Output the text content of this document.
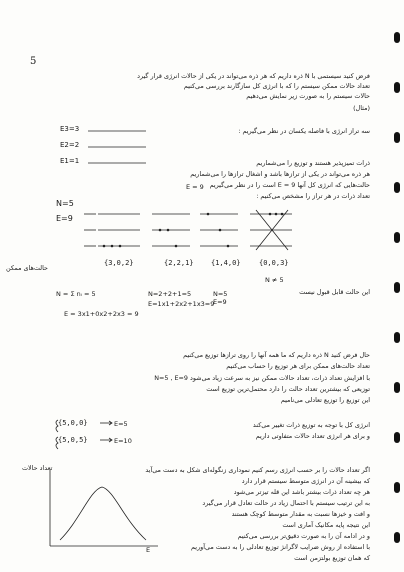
5
فرض کنید سیستمی با N ذره داریم که هر ذره می‌تواند در یکی از حالات انرژی قرار گیرد
تعداد حالات ممکن سیستم را که با انرژی کل سازگارند بررسی می‌کنیم
حالات سیستم را به صورت زیر نمایش می‌دهیم
(مثال)
E3=3
E2=2
E1=1
سه تراز انرژی با فاصله یکسان در نظر می‌گیریم :
ذرات تمیزپذیر هستند و توزیع را می‌شماریم
هر ذره می‌تواند در یکی از ترازها باشد و اشغال ترازها را می‌شماریم
حالت‌هایی که انرژی کل آنها E = 9 است را در نظر می‌گیریم
تعداد ذرات در هر تراز را مشخص می‌کنیم :
N=5
E=9
E = 9
{3,0,2}	{2,2,1} {1,4,0}	{0,0,3}
حالت‌های ممکن
N = Σ nᵢ = 5	N=2+2+1=5
E=1x1+2x2+1x3=9
N=5
E=9
N ≠ 5
این حالت قابل قبول نیست
E = 3x1+0x2+2x3 = 9
حال فرض کنید N ذره داریم که ما همه آنها را روی ترازها توزیع می‌کنیم
تعداد حالت‌های ممکن برای هر توزیع را حساب می‌کنیم
با افزایش تعداد ذرات، تعداد حالات ممکن نیز به سرعت زیاد می‌شود N=5 , E=9
توزیعی که بیشترین تعداد حالت را دارد محتمل‌ترین توزیع است
این توزیع را توزیع تعادلی می‌نامیم
{5,0,0}	E=5
{5,0,5}	E=10
انرژی کل با توجه به توزیع ذرات تغییر می‌کند
و برای هر انرژی تعداد حالات متفاوتی داریم
تعداد حالات
E
اگر تعداد حالات را بر حسب انرژی رسم کنیم نموداری زنگوله‌ای شکل به دست می‌آید
که بیشینه آن در انرژی متوسط سیستم قرار دارد
هر چه تعداد ذرات بیشتر باشد این قله تیزتر می‌شود
به این ترتیب سیستم با احتمال زیاد در حالت تعادل قرار می‌گیرد
و افت و خیزها نسبت به مقدار متوسط کوچک هستند
این نتیجه پایه مکانیک آماری است
و در ادامه آن را به صورت دقیق‌تر بررسی می‌کنیم
با استفاده از روش ضرایب لاگرانژ توزیع تعادلی را به دست می‌آوریم
که همان توزیع بولتزمن است
